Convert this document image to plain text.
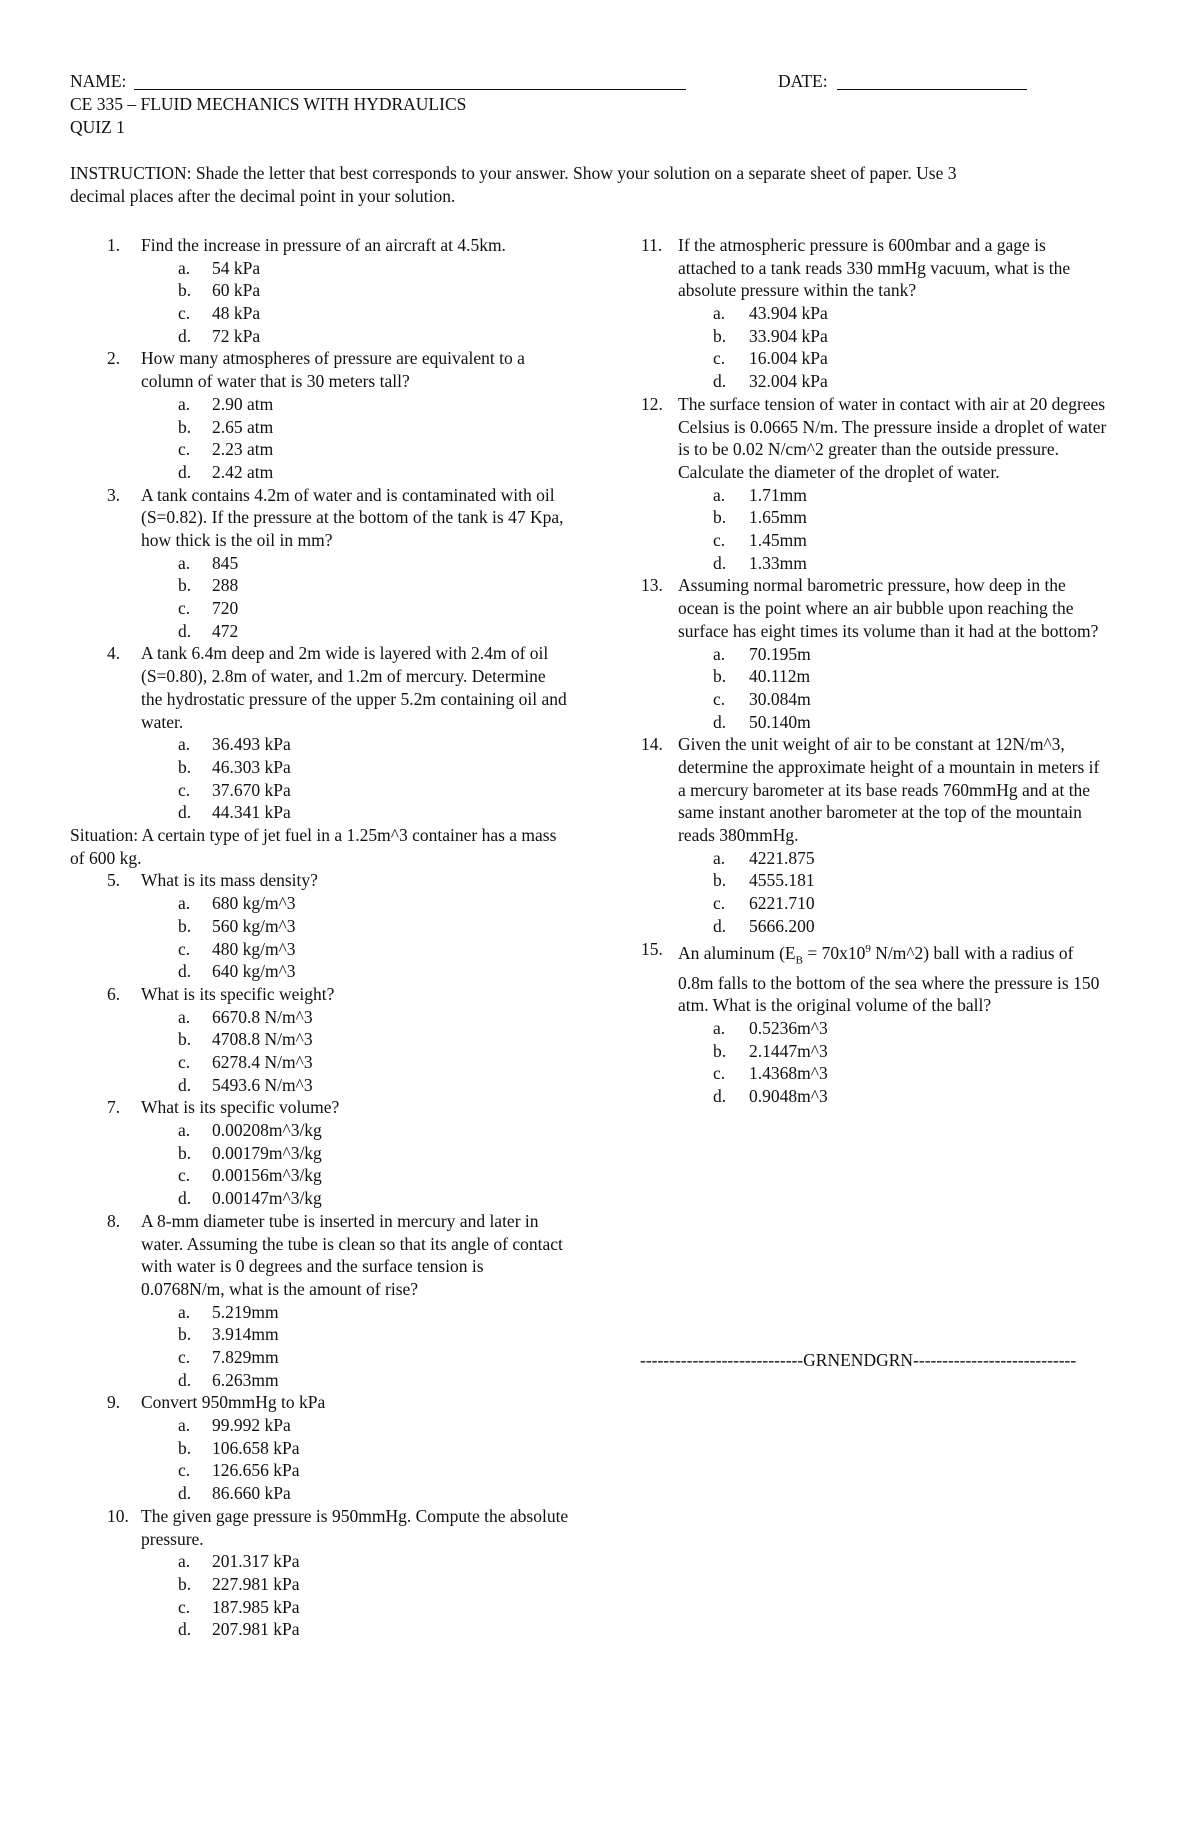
NAME:	DATE:
CE 335 – FLUID MECHANICS WITH HYDRAULICS
QUIZ 1
INSTRUCTION: Shade the letter that best corresponds to your answer. Show your solution on a separate sheet of paper. Use 3
decimal places after the decimal point in your solution.
1. Find the increase in pressure of an aircraft at 4.5km.
a. 54 kPa
b. 60 kPa
c. 48 kPa
d. 72 kPa
2. How many atmospheres of pressure are equivalent to a column of water that is 30 meters tall?
a. 2.90 atm
b. 2.65 atm
c. 2.23 atm
d. 2.42 atm
3. A tank contains 4.2m of water and is contaminated with oil (S=0.82). If the pressure at the bottom of the tank is 47 Kpa, how thick is the oil in mm?
a. 845
b. 288
c. 720
d. 472
4. A tank 6.4m deep and 2m wide is layered with 2.4m of oil (S=0.80), 2.8m of water, and 1.2m of mercury. Determine the hydrostatic pressure of the upper 5.2m containing oil and water.
a. 36.493 kPa
b. 46.303 kPa
c. 37.670 kPa
d. 44.341 kPa
Situation: A certain type of jet fuel in a 1.25m^3 container has a mass of 600 kg.
5. What is its mass density?
a. 680 kg/m^3
b. 560 kg/m^3
c. 480 kg/m^3
d. 640 kg/m^3
6. What is its specific weight?
a. 6670.8 N/m^3
b. 4708.8 N/m^3
c. 6278.4 N/m^3
d. 5493.6 N/m^3
7. What is its specific volume?
a. 0.00208m^3/kg
b. 0.00179m^3/kg
c. 0.00156m^3/kg
d. 0.00147m^3/kg
8. A 8-mm diameter tube is inserted in mercury and later in water. Assuming the tube is clean so that its angle of contact with water is 0 degrees and the surface tension is 0.0768N/m, what is the amount of rise?
a. 5.219mm
b. 3.914mm
c. 7.829mm
d. 6.263mm
9. Convert 950mmHg to kPa
a. 99.992 kPa
b. 106.658 kPa
c. 126.656 kPa
d. 86.660 kPa
10. The given gage pressure is 950mmHg. Compute the absolute pressure.
a. 201.317 kPa
b. 227.981 kPa
c. 187.985 kPa
d. 207.981 kPa
11. If the atmospheric pressure is 600mbar and a gage is attached to a tank reads 330 mmHg vacuum, what is the absolute pressure within the tank?
a. 43.904 kPa
b. 33.904 kPa
c. 16.004 kPa
d. 32.004 kPa
12. The surface tension of water in contact with air at 20 degrees Celsius is 0.0665 N/m. The pressure inside a droplet of water is to be 0.02 N/cm^2 greater than the outside pressure. Calculate the diameter of the droplet of water.
a. 1.71mm
b. 1.65mm
c. 1.45mm
d. 1.33mm
13. Assuming normal barometric pressure, how deep in the ocean is the point where an air bubble upon reaching the surface has eight times its volume than it had at the bottom?
a. 70.195m
b. 40.112m
c. 30.084m
d. 50.140m
14. Given the unit weight of air to be constant at 12N/m^3, determine the approximate height of a mountain in meters if a mercury barometer at its base reads 760mmHg and at the same instant another barometer at the top of the mountain reads 380mmHg.
a. 4221.875
b. 4555.181
c. 6221.710
d. 5666.200
15. An aluminum ($E_B = 70x10^9$ N/m^2) ball with a radius of 0.8m falls to the bottom of the sea where the pressure is 150 atm. What is the original volume of the ball?
a. 0.5236m^3
b. 2.1447m^3
c. 1.4368m^3
d. 0.9048m^3
----------------------------GRNENDGRN----------------------------
